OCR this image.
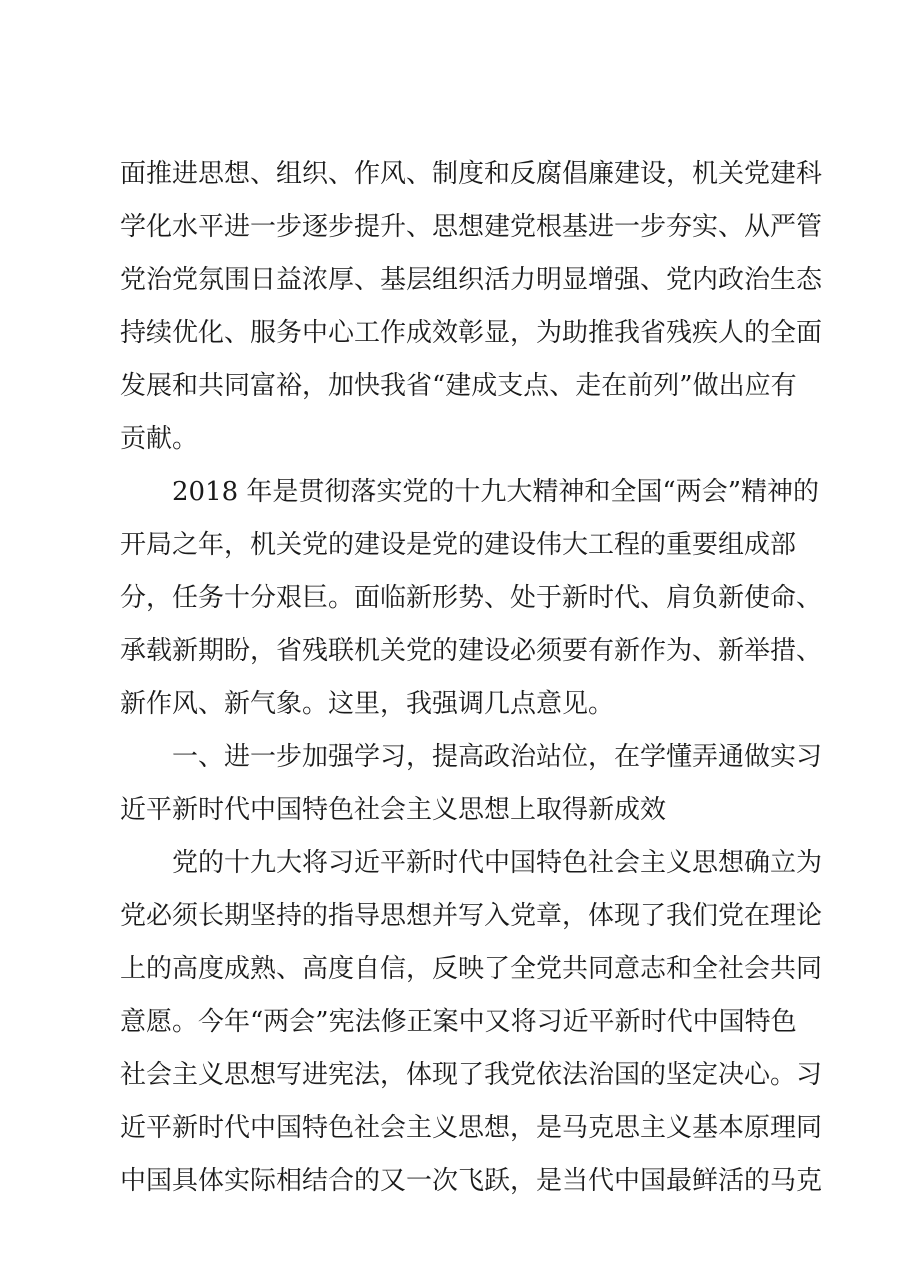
面推进思想、组织、作风、制度和反腐倡廉建设，机关党建科

学化水平进一步逐步提升、思想建党根基进一步夯实、从严管

党治党氛围日益浓厚、基层组织活力明显增强、党内政治生态

持续优化、服务中心工作成效彰显，为助推我省残疾人的全面

发展和共同富裕，加快我省“建成支点、走在前列”做出应有

贡献。

2018 年是贯彻落实党的十九大精神和全国“两会”精神的

开局之年，机关党的建设是党的建设伟大工程的重要组成部

分，任务十分艰巨。面临新形势、处于新时代、肩负新使命、

承载新期盼，省残联机关党的建设必须要有新作为、新举措、

新作风、新气象。这里，我强调几点意见。

一、进一步加强学习，提高政治站位，在学懂弄通做实习

近平新时代中国特色社会主义思想上取得新成效

党的十九大将习近平新时代中国特色社会主义思想确立为

党必须长期坚持的指导思想并写入党章，体现了我们党在理论

上的高度成熟、高度自信，反映了全党共同意志和全社会共同

意愿。今年“两会”宪法修正案中又将习近平新时代中国特色

社会主义思想写进宪法，体现了我党依法治国的坚定决心。习

近平新时代中国特色社会主义思想，是马克思主义基本原理同

中国具体实际相结合的又一次飞跃，是当代中国最鲜活的马克
